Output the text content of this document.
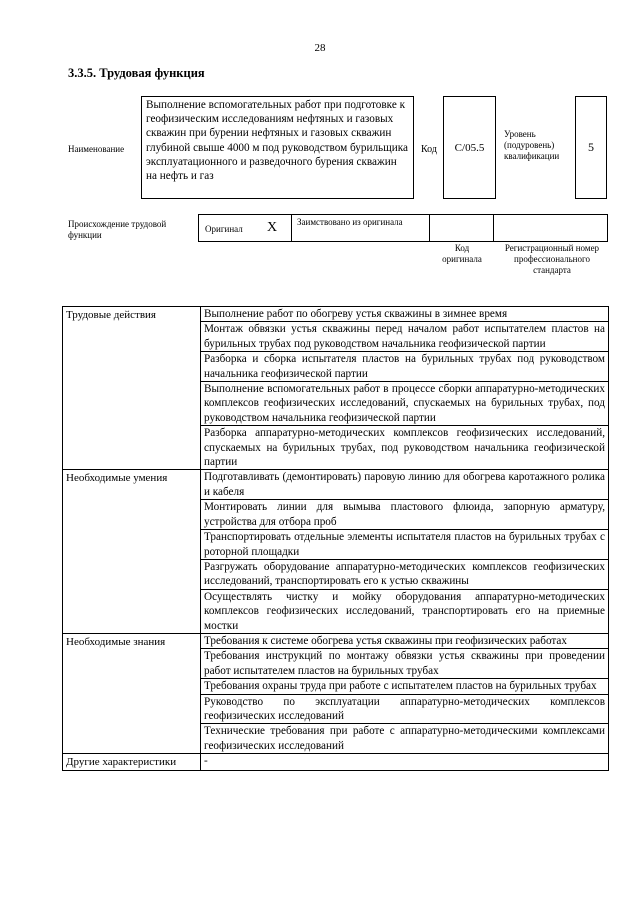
28
3.3.5. Трудовая функция
Наименование
Выполнение вспомогательных работ при подготовке к геофизическим исследованиям нефтяных и газовых скважин при бурении нефтяных и газовых скважин глубиной свыше 4000 м под руководством бурильщика эксплуатационного и разведочного бурения скважин на нефть и газ
Код C/05.5
Уровень (подуровень) квалификации
5
Происхождение трудовой функции
Оригинал X Заимствовано из оригинала
Код оригинала
Регистрационный номер профессионального стандарта
Трудовые действия	Выполнение работ по обогреву устья скважины в зимнее время
	Монтаж обвязки устья скважины перед началом работ испытателем пластов на бурильных трубах под руководством начальника геофизической партии
	Разборка и сборка испытателя пластов на бурильных трубах под руководством начальника геофизической партии
	Выполнение вспомогательных работ в процессе сборки аппаратурно-методических комплексов геофизических исследований, спускаемых на бурильных трубах, под руководством начальника геофизической партии
	Разборка аппаратурно-методических комплексов геофизических исследований, спускаемых на бурильных трубах, под руководством начальника геофизической партии
Необходимые умения	Подготавливать (демонтировать) паровую линию для обогрева каротажного ролика и кабеля
	Монтировать линии для вымыва пластового флюида, запорную арматуру, устройства для отбора проб
	Транспортировать отдельные элементы испытателя пластов на бурильных трубах с роторной площадки
	Разгружать оборудование аппаратурно-методических комплексов геофизических исследований, транспортировать его к устью скважины
	Осуществлять чистку и мойку оборудования аппаратурно-методических комплексов геофизических исследований, транспортировать его на приемные мостки
Необходимые знания	Требования к системе обогрева устья скважины при геофизических работах
	Требования инструкций по монтажу обвязки устья скважины при проведении работ испытателем пластов на бурильных трубах
	Требования охраны труда при работе с испытателем пластов на бурильных трубах
	Руководство по эксплуатации аппаратурно-методических комплексов геофизических исследований
	Технические требования при работе с аппаратурно-методическими комплексами геофизических исследований
Другие характеристики	-
